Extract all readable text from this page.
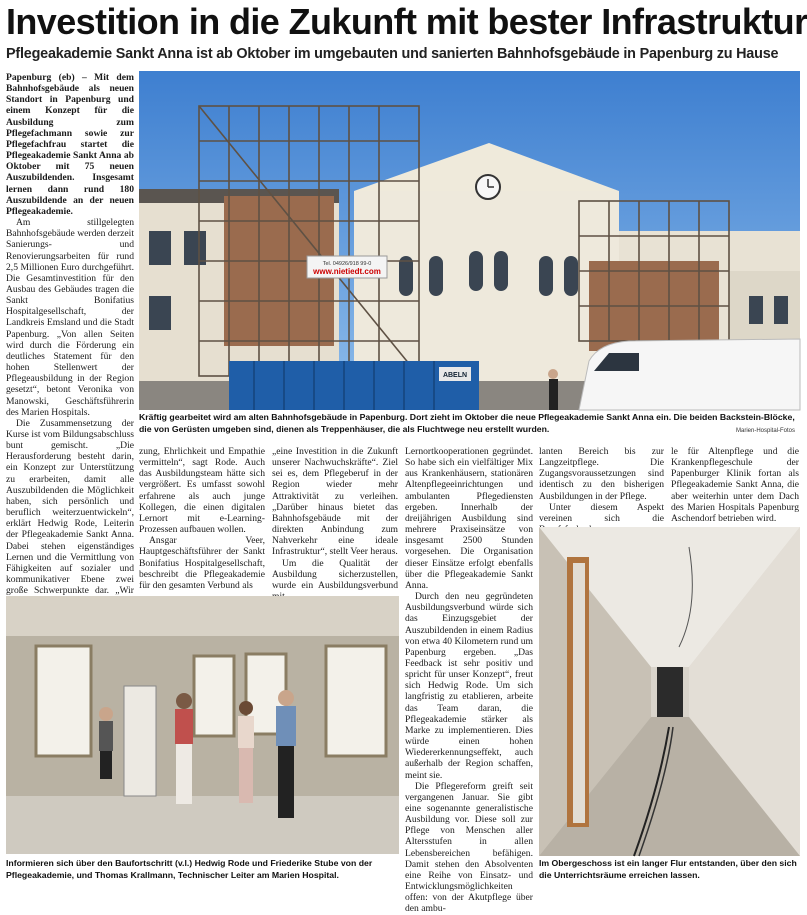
Investition in die Zukunft mit bester Infrastruktur
Pflegeakademie Sankt Anna ist ab Oktober im umgebauten und sanierten Bahnhofsgebäude in Papenburg zu Hause

Papenburg (eb) – Mit dem Bahnhofsgebäude als neuen Standort in Papenburg und einem Konzept für die Ausbildung zum Pflegefachmann sowie zur Pflegefachfrau startet die Pflegeakademie Sankt Anna ab Oktober mit 75 neuen Auszubildenden. Insgesamt lernen dann rund 180 Auszubildende an der neuen Pflegeakademie.

Am stillgelegten Bahnhofsgebäude werden derzeit Sanierungs- und Renovierungsarbeiten für rund 2,5 Millionen Euro durchgeführt. Die Gesamtinvestition für den Ausbau des Gebäudes tragen die Sankt Bonifatius Hospitalgesellschaft, der Landkreis Emsland und die Stadt Papenburg. „Von allen Seiten wird durch die Förderung ein deutliches Statement für den hohen Stellenwert der Pflegeausbildung in der Region gesetzt“, betont Veronika von Manowski, Geschäftsführerin des Marien Hospitals.

Die Zusammensetzung der Kurse ist vom Bildungsabschluss bunt gemischt. „Die Herausforderung besteht darin, ein Konzept zur Unterstützung zu erarbeiten, damit alle Auszubildenden die Möglichkeit haben, sich persönlich und beruflich weiterzuentwickeln“, erklärt Hedwig Rode, Leiterin der Pflegeakademie Sankt Anna. Dabei stehen eigenständiges Lernen und die Vermittlung von Fähigkeiten auf sozialer und kommunikativer Ebene zwei große Schwerpunkte dar. „Wir

Tel. 04926/918 99-0
www.nietiedt.com
ABELN
Kräftig gearbeitet wird am alten Bahnhofsgebäude in Papenburg. Dort zieht im Oktober die neue Pflegeakademie Sankt Anna ein. Die beiden Backstein-Blöcke, die von Gerüsten umgeben sind, dienen als Treppenhäuser, die als Fluchtwege neu erstellt wurden.	Marien-Hospital-Fotos

zung, Ehrlichkeit und Empathie vermitteln“, sagt Rode. Auch das Ausbildungsteam hätte sich vergrößert. Es umfasst sowohl erfahrene als auch junge Kollegen, die einen digitalen Lernort mit e-Learning-Prozessen aufbauen wollen.

Ansgar Veer, Hauptgeschäftsführer der Sankt Bonifatius Hospitalgesellschaft, beschreibt die Pflegeakademie für den gesamten Verbund als

„eine Investition in die Zukunft unserer Nachwuchskräfte“. Ziel sei es, dem Pflegeberuf in der Region wieder mehr Attraktivität zu verleihen. „Darüber hinaus bietet das Bahnhofsgebäude mit der direkten Anbindung zum Nahverkehr eine ideale Infrastruktur“, stellt Veer heraus.

Um die Qualität der Ausbildung sicherzustellen, wurde ein Ausbildungsverbund

Lernortkooperationen gegründet. So habe sich ein vielfältiger Mix aus Krankenhäusern, stationären Altenpflegeeinrichtungen und ambulanten Pflegediensten ergeben. Innerhalb der dreijährigen Ausbildung sind mehrere Praxiseinsätze von insgesamt 2500 Stunden vorgesehen. Die Organisation dieser Einsätze erfolgt ebenfalls über die Pflegeakademie Sankt Anna.

Durch den neu gegründeten Ausbildungsverbund würde sich das Einzugsgebiet der Auszubildenden in einem Radius von etwa 40 Kilometern rund um Papenburg ergeben. „Das Feedback ist sehr positiv und spricht für unser Konzept“, freut sich Hedwig Rode. Um sich langfristig zu etablieren, arbeite das Team daran, die Pflegeakademie stärker als Marke zu implementieren. Dies würde einen hohen Wiedererkennungseffekt, auch außerhalb der Region schaffen, meint sie.

Die Pflegereform greift seit vergangenen Januar. Sie gibt eine sogenannte generalistische Ausbildung vor. Diese soll zur Pflege von Menschen aller Altersstufen in allen Lebensbereichen befähigen. Damit stehen den Absolventen eine Reihe von Einsatz- und Entwicklungsmöglichkeiten offen: von der Akutpflege über den ambu-

lanten Bereich bis zur Langzeitpflege. Die Zugangsvoraussetzungen sind identisch zu den bisherigen Ausbildungen in der Pflege.

Unter diesem Aspekt vereinen sich die

le für Altenpflege und die Krankenpflegeschule der Papenburger Klinik fortan als Pflegeakademie Sankt Anna, die aber weiterhin unter dem Dach des Marien Hospitals Papenburg Aschendorf betrieben wird.

Informieren sich über den Baufortschritt (v.l.) Hedwig Rode und Friederike Stube von der Pflegeakademie, und Thomas Krallmann, Technischer Leiter am Marien Hospital.
Im Obergeschoss ist ein langer Flur entstanden, über den sich die Unterrichtsräume erreichen lassen.
